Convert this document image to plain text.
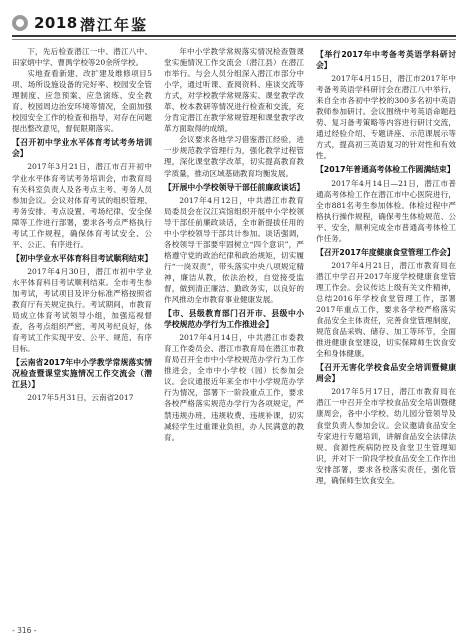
2018 潜江年鉴

下，先后检查潜江一中、潜江八中、田家炳中学、曹禺学校等20余所学校。

实地查看新建、改扩建及维修项目5项、场所设施设备的完好率、校园安全管理制度、应急预案、应急演练、安全教育、校园周边治安环境等情况，全面加强校园安全工作的检查和指导，对存在问题提出整改意见，督促限期落实。

【召开初中学业水平体育考试考务培训会】

2017年3月21日，潜江市召开初中学业水平体育考试考务培训会，市教育局有关科室负责人及各考点主考、考务人员参加会议。会议对体育考试的组织管理、考务安排、考点设置、考场纪律、安全保障等工作进行部署，要求各考点严格执行考试工作规程，确保体育考试安全、公平、公正、有序进行。

【初中学业水平体育科目考试顺利结束】

2017年4月30日，潜江市初中学业水平体育科目考试顺利结束。全市考生参加考试，考试项目及评分标准严格按照省教育厅有关规定执行。考试期间，市教育局成立体育考试领导小组，加强巡视督查，各考点组织严密、考风考纪良好，体育考试工作实现平安、公平、规范、有序目标。

【云南省2017年中小学教学常规落实情况检查暨课堂实施情况工作交流会（潜江县）】

2017年5月31日，云南省2017

年中小学教学常规落实情况检查暨课堂实施情况工作交流会（潜江县）在潜江市举行。与会人员分组深入潜江市部分中小学，通过听课、查阅资料、座谈交流等方式，对学校教学常规落实、课堂教学改革、校本教研等情况进行检查和交流，充分肯定潜江在教学常规管理和课堂教学改革方面取得的成绩。

会议要求各地学习借鉴潜江经验，进一步规范教学管理行为，强化教学过程管理，深化课堂教学改革，切实提高教育教学质量，推动区域基础教育均衡发展。

【开展中小学校领导干部任前廉政谈话】

2017年4月12日，中共潜江市教育局委员会在汉江宾馆组织开展中小学校领导干部任前廉政谈话，全市新提拔任用的中小学校领导干部共计参加。谈话强调，各校领导干部要牢固树立“四个意识”，严格遵守党的政治纪律和政治规矩，切实履行“一岗双责”，带头落实中央八项规定精神，廉洁从教，依法治校，自觉接受监督，做到清正廉洁、勤政务实，以良好的作风推动全市教育事业健康发展。

【市、县级教育部门召开市、县级中小学校规范办学行为工作推进会】

2017年4月14日，中共潜江市委教育工作委员会、潜江市教育局在潜江市教育局召开全市中小学校规范办学行为工作推进会，全市中小学校（园）长参加会议。会议通报近年来全市中小学规范办学行为情况，部署下一阶段重点工作，要求各校严格落实规范办学行为各项规定，严禁违规办班、违规收费、违规补课，切实减轻学生过重课业负担，办人民满意的教育。

【举行2017年中考备考英语学科研讨会】

2017年4月15日，潜江市2017年中考备考英语学科研讨会在潜江八中举行，来自全市各初中学校的300多名初中英语教师参加研讨。会议围绕中考英语命题趋势、复习备考策略等内容进行研讨交流，通过经验介绍、专题讲座、示范课展示等方式，提高初三英语复习的针对性和有效性。

【2017年普通高考体检工作圆满结束】

2017年4月14日—21日，潜江市普通高考体检工作在潜江市中心医院进行，全市881名考生参加体检。体检过程中严格执行操作规程，确保考生体检规范、公平、安全，顺利完成全市普通高考体检工作任务。

【召开2017年度健康食堂管理工作会】

2017年4月21日，潜江市教育局在潜江中学召开2017年度学校健康食堂管理工作会。会议传达上级有关文件精神，总结2016年学校食堂管理工作，部署2017年重点工作，要求各学校严格落实食品安全主体责任，完善食堂管理制度，规范食品采购、储存、加工等环节，全面推进健康食堂建设，切实保障师生饮食安全和身体健康。

【召开无害化学校食品安全培训暨健康周会】

2017年5月17日，潜江市教育局在潜江一中召开全市学校食品安全培训暨健康周会，各中小学校、幼儿园分管领导及食堂负责人参加会议。会议邀请食品安全专家进行专题培训，讲解食品安全法律法规、食源性疾病防控及食堂卫生管理知识，并对下一阶段学校食品安全工作作出安排部署，要求各校落实责任，强化管理，确保师生饮食安全。

- 316 -
